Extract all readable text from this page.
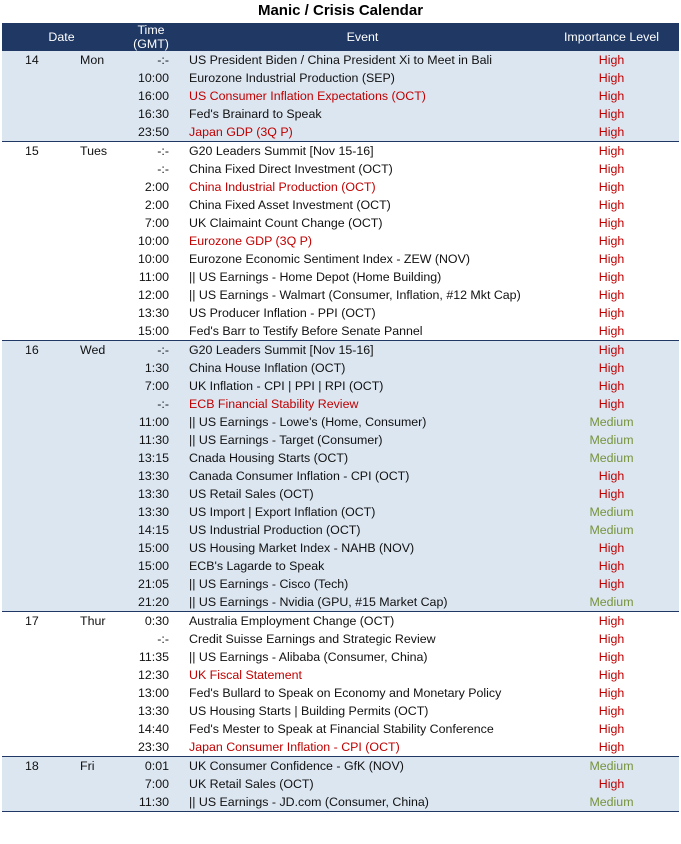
Manic / Crisis Calendar
Date		Time (GMT)	Event	Importance Level
14	Mon	-:-	US President Biden / China President Xi to Meet in Bali	High
		10:00	Eurozone Industrial Production (SEP)	High
		16:00	US Consumer Inflation Expectations (OCT)	High
		16:30	Fed's Brainard to Speak	High
		23:50	Japan GDP (3Q P)	High
15	Tues	-:-	G20 Leaders Summit [Nov 15-16]	High
		-:-	China Fixed Direct Investment (OCT)	High
		2:00	China Industrial Production (OCT)	High
		2:00	China Fixed Asset Investment (OCT)	High
		7:00	UK Claimaint Count Change (OCT)	High
		10:00	Eurozone GDP (3Q P)	High
		10:00	Eurozone Economic Sentiment Index - ZEW (NOV)	High
		11:00	|| US Earnings - Home Depot (Home Building)	High
		12:00	|| US Earnings - Walmart (Consumer, Inflation, #12 Mkt Cap)	High
		13:30	US Producer Inflation - PPI (OCT)	High
		15:00	Fed's Barr to Testify Before Senate Pannel	High
16	Wed	-:-	G20 Leaders Summit [Nov 15-16]	High
		1:30	China House Inflation (OCT)	High
		7:00	UK Inflation - CPI | PPI | RPI (OCT)	High
		-:-	ECB Financial Stability Review	High
		11:00	|| US Earnings - Lowe's (Home, Consumer)	Medium
		11:30	|| US Earnings - Target (Consumer)	Medium
		13:15	Cnada Housing Starts (OCT)	Medium
		13:30	Canada Consumer Inflation - CPI (OCT)	High
		13:30	US Retail Sales (OCT)	High
		13:30	US Import | Export Inflation (OCT)	Medium
		14:15	US Industrial Production (OCT)	Medium
		15:00	US Housing Market Index - NAHB (NOV)	High
		15:00	ECB's Lagarde to Speak	High
		21:05	|| US Earnings - Cisco (Tech)	High
		21:20	|| US Earnings - Nvidia (GPU, #15 Market Cap)	Medium
17	Thur	0:30	Australia Employment Change (OCT)	High
		-:-	Credit Suisse Earnings and Strategic Review	High
		11:35	|| US Earnings - Alibaba (Consumer, China)	High
		12:30	UK Fiscal Statement	High
		13:00	Fed's Bullard to Speak on Economy and Monetary Policy	High
		13:30	US Housing Starts | Building Permits (OCT)	High
		14:40	Fed's Mester to Speak at Financial Stability Conference	High
		23:30	Japan Consumer Inflation - CPI (OCT)	High
18	Fri	0:01	UK Consumer Confidence - GfK (NOV)	Medium
		7:00	UK Retail Sales (OCT)	High
		11:30	|| US Earnings - JD.com (Consumer, China)	Medium
